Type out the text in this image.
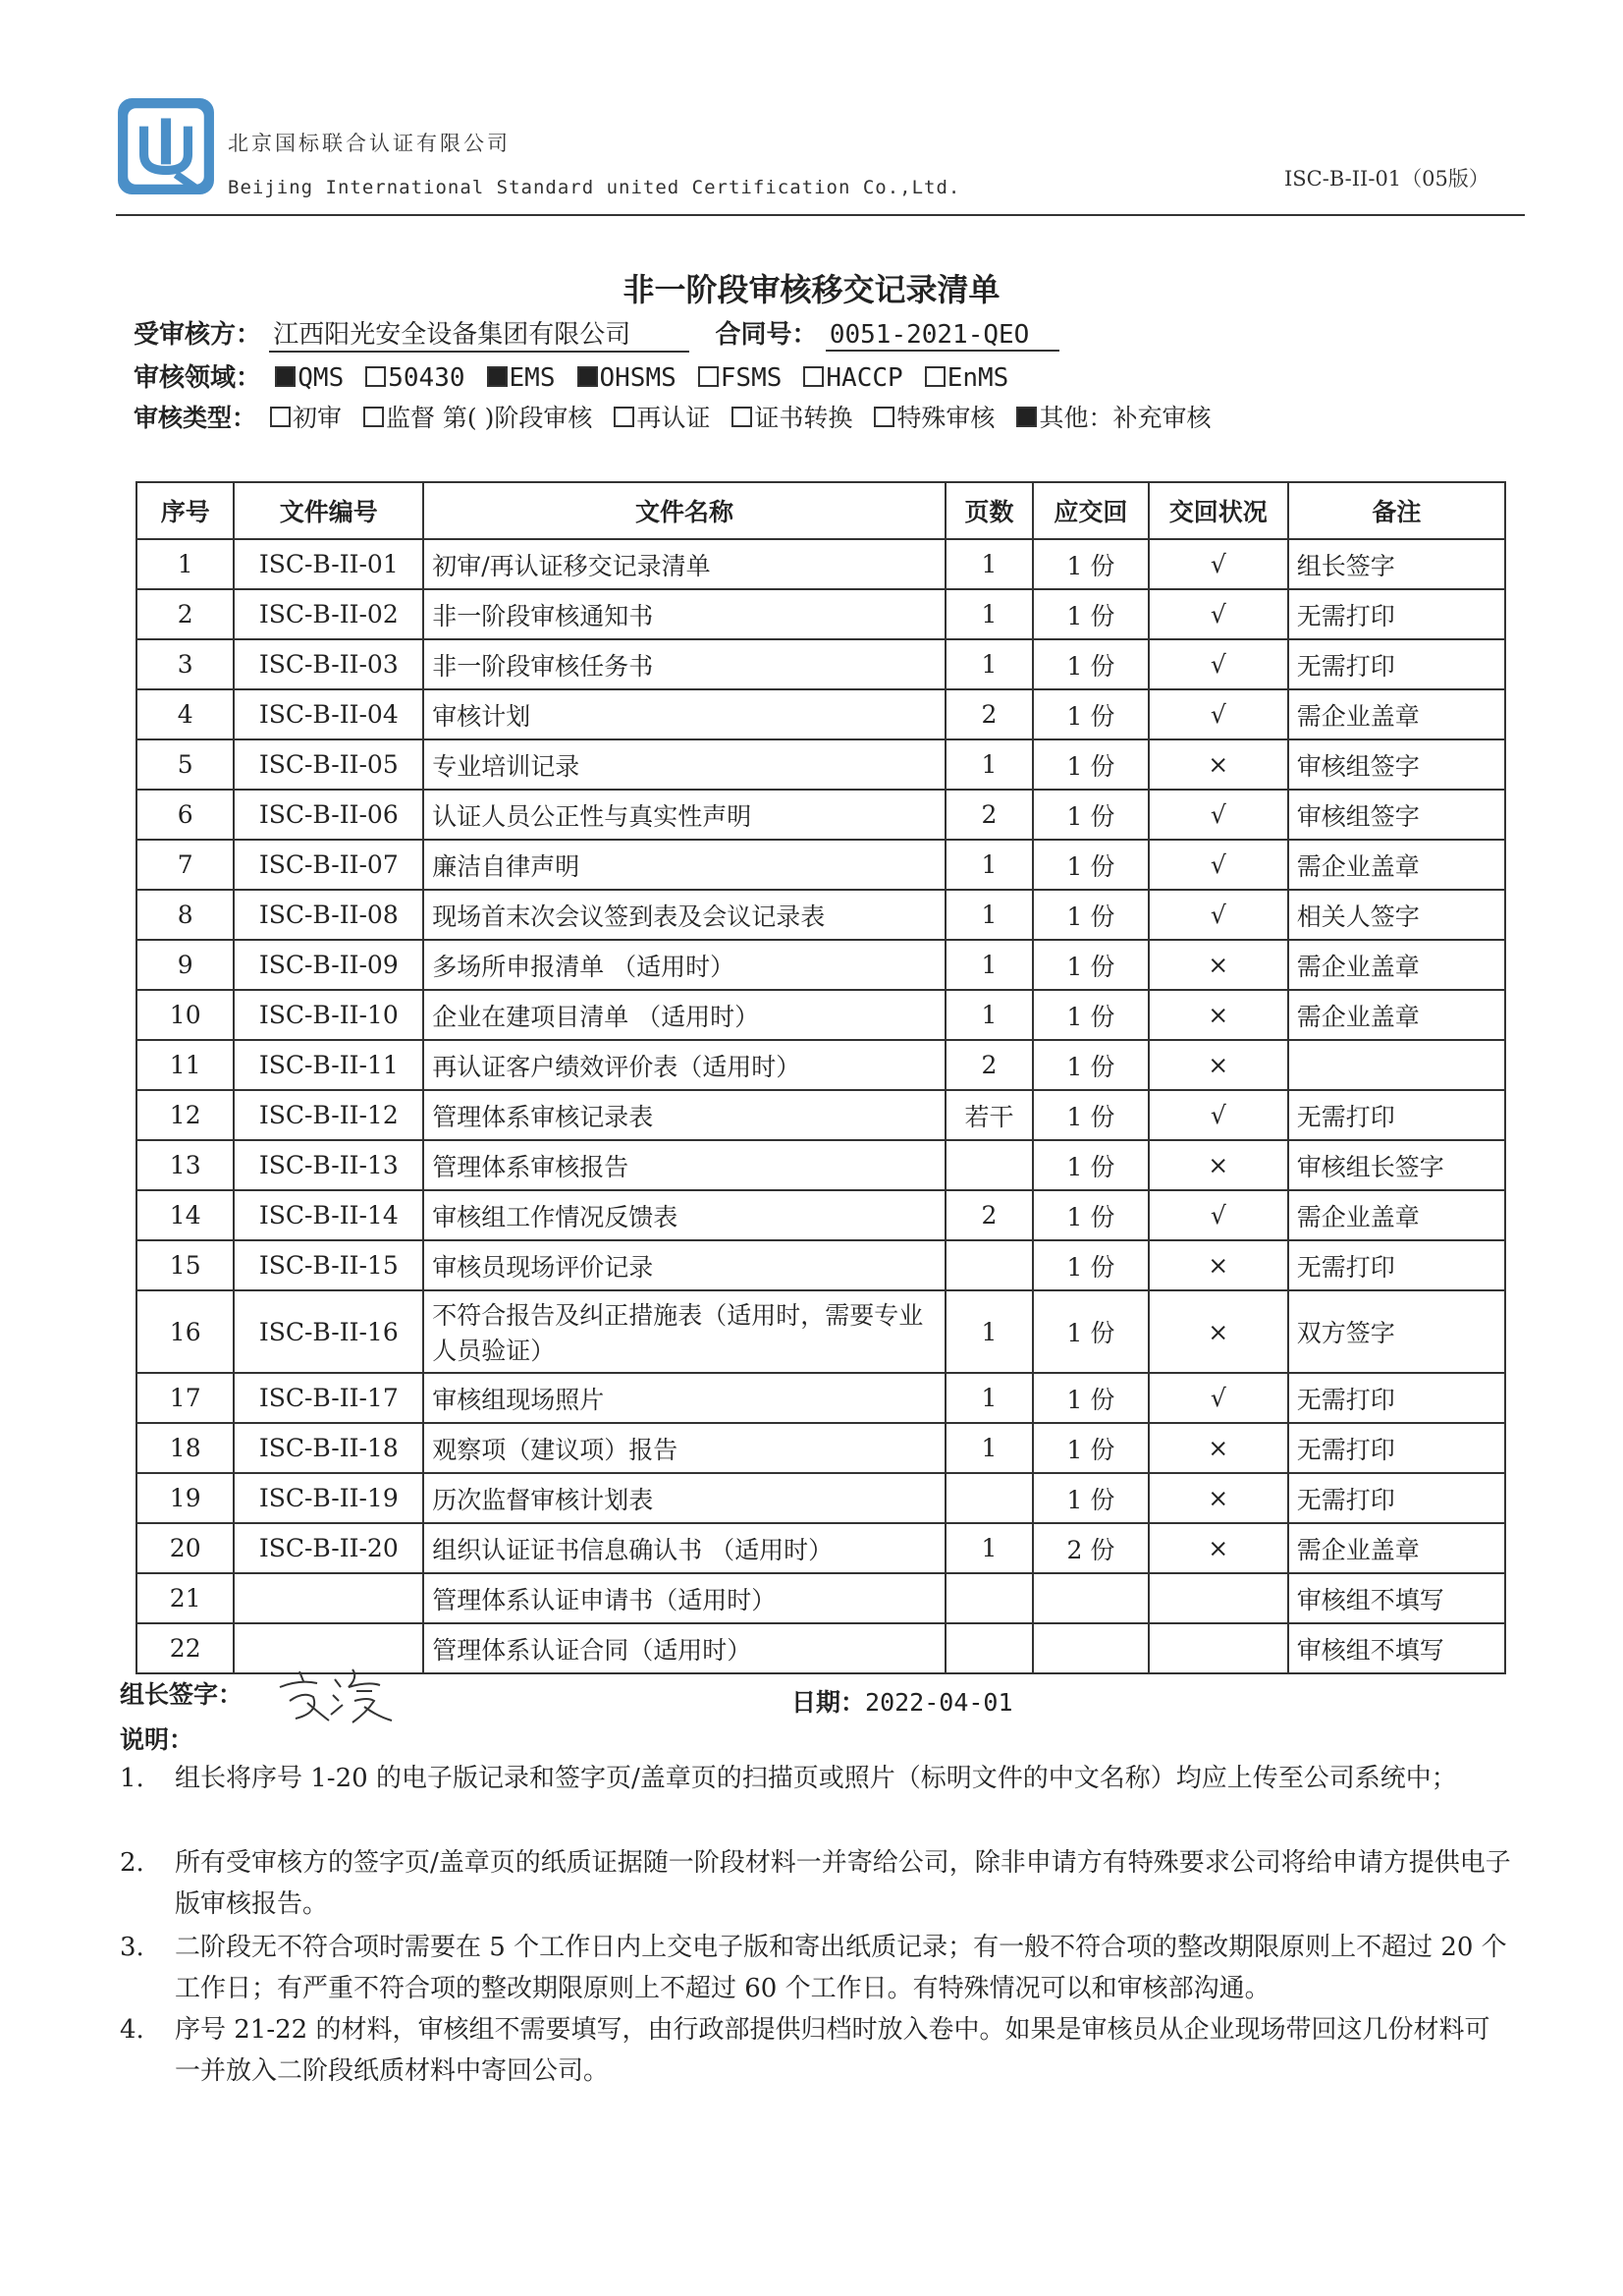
北京国标联合认证有限公司
Beijing International Standard united Certification Co.,Ltd.	ISC-B-II-01（05版）
非一阶段审核移交记录清单
受审核方： 江西阳光安全设备集团有限公司	合同号： 0051-2021-QEO
审核领域： QMS 50430 EMS OHSMS FSMS HACCP EnMS
审核类型： 初审 监督 第( )阶段审核 再认证 证书转换 特殊审核 其他：补充审核
序号	文件编号	文件名称	页数	应交回	交回状况	备注
1	ISC-B-II-01	初审/再认证移交记录清单	1	1 份	√	组长签字
2	ISC-B-II-02	非一阶段审核通知书	1	1 份	√	无需打印
3	ISC-B-II-03	非一阶段审核任务书	1	1 份	√	无需打印
4	ISC-B-II-04	审核计划	2	1 份	√	需企业盖章
5	ISC-B-II-05	专业培训记录	1	1 份	×	审核组签字
6	ISC-B-II-06	认证人员公正性与真实性声明	2	1 份	√	审核组签字
7	ISC-B-II-07	廉洁自律声明	1	1 份	√	需企业盖章
8	ISC-B-II-08	现场首末次会议签到表及会议记录表	1	1 份	√	相关人签字
9	ISC-B-II-09	多场所申报清单 （适用时）	1	1 份	×	需企业盖章
10	ISC-B-II-10	企业在建项目清单 （适用时）	1	1 份	×	需企业盖章
11	ISC-B-II-11	再认证客户绩效评价表（适用时）	2	1 份	×	
12	ISC-B-II-12	管理体系审核记录表	若干	1 份	√	无需打印
13	ISC-B-II-13	管理体系审核报告		1 份	×	审核组长签字
14	ISC-B-II-14	审核组工作情况反馈表	2	1 份	√	需企业盖章
15	ISC-B-II-15	审核员现场评价记录		1 份	×	无需打印
16	ISC-B-II-16	不符合报告及纠正措施表（适用时，需要专业人员验证）	1	1 份	×	双方签字
17	ISC-B-II-17	审核组现场照片	1	1 份	√	无需打印
18	ISC-B-II-18	观察项（建议项）报告	1	1 份	×	无需打印
19	ISC-B-II-19	历次监督审核计划表		1 份	×	无需打印
20	ISC-B-II-20	组织认证证书信息确认书 （适用时）	1	2 份	×	需企业盖章
21		管理体系认证申请书（适用时）				审核组不填写
22		管理体系认证合同（适用时）				审核组不填写
组长签字：	日期：2022-04-01
说明：
1. 组长将序号 1-20 的电子版记录和签字页/盖章页的扫描页或照片（标明文件的中文名称）均应上传至公司系统中；
2. 所有受审核方的签字页/盖章页的纸质证据随一阶段材料一并寄给公司，除非申请方有特殊要求公司将给申请方提供电子版审核报告。
3. 二阶段无不符合项时需要在 5 个工作日内上交电子版和寄出纸质记录；有一般不符合项的整改期限原则上不超过 20 个工作日；有严重不符合项的整改期限原则上不超过 60 个工作日。有特殊情况可以和审核部沟通。
4. 序号 21-22 的材料，审核组不需要填写，由行政部提供归档时放入卷中。如果是审核员从企业现场带回这几份材料可一并放入二阶段纸质材料中寄回公司。
